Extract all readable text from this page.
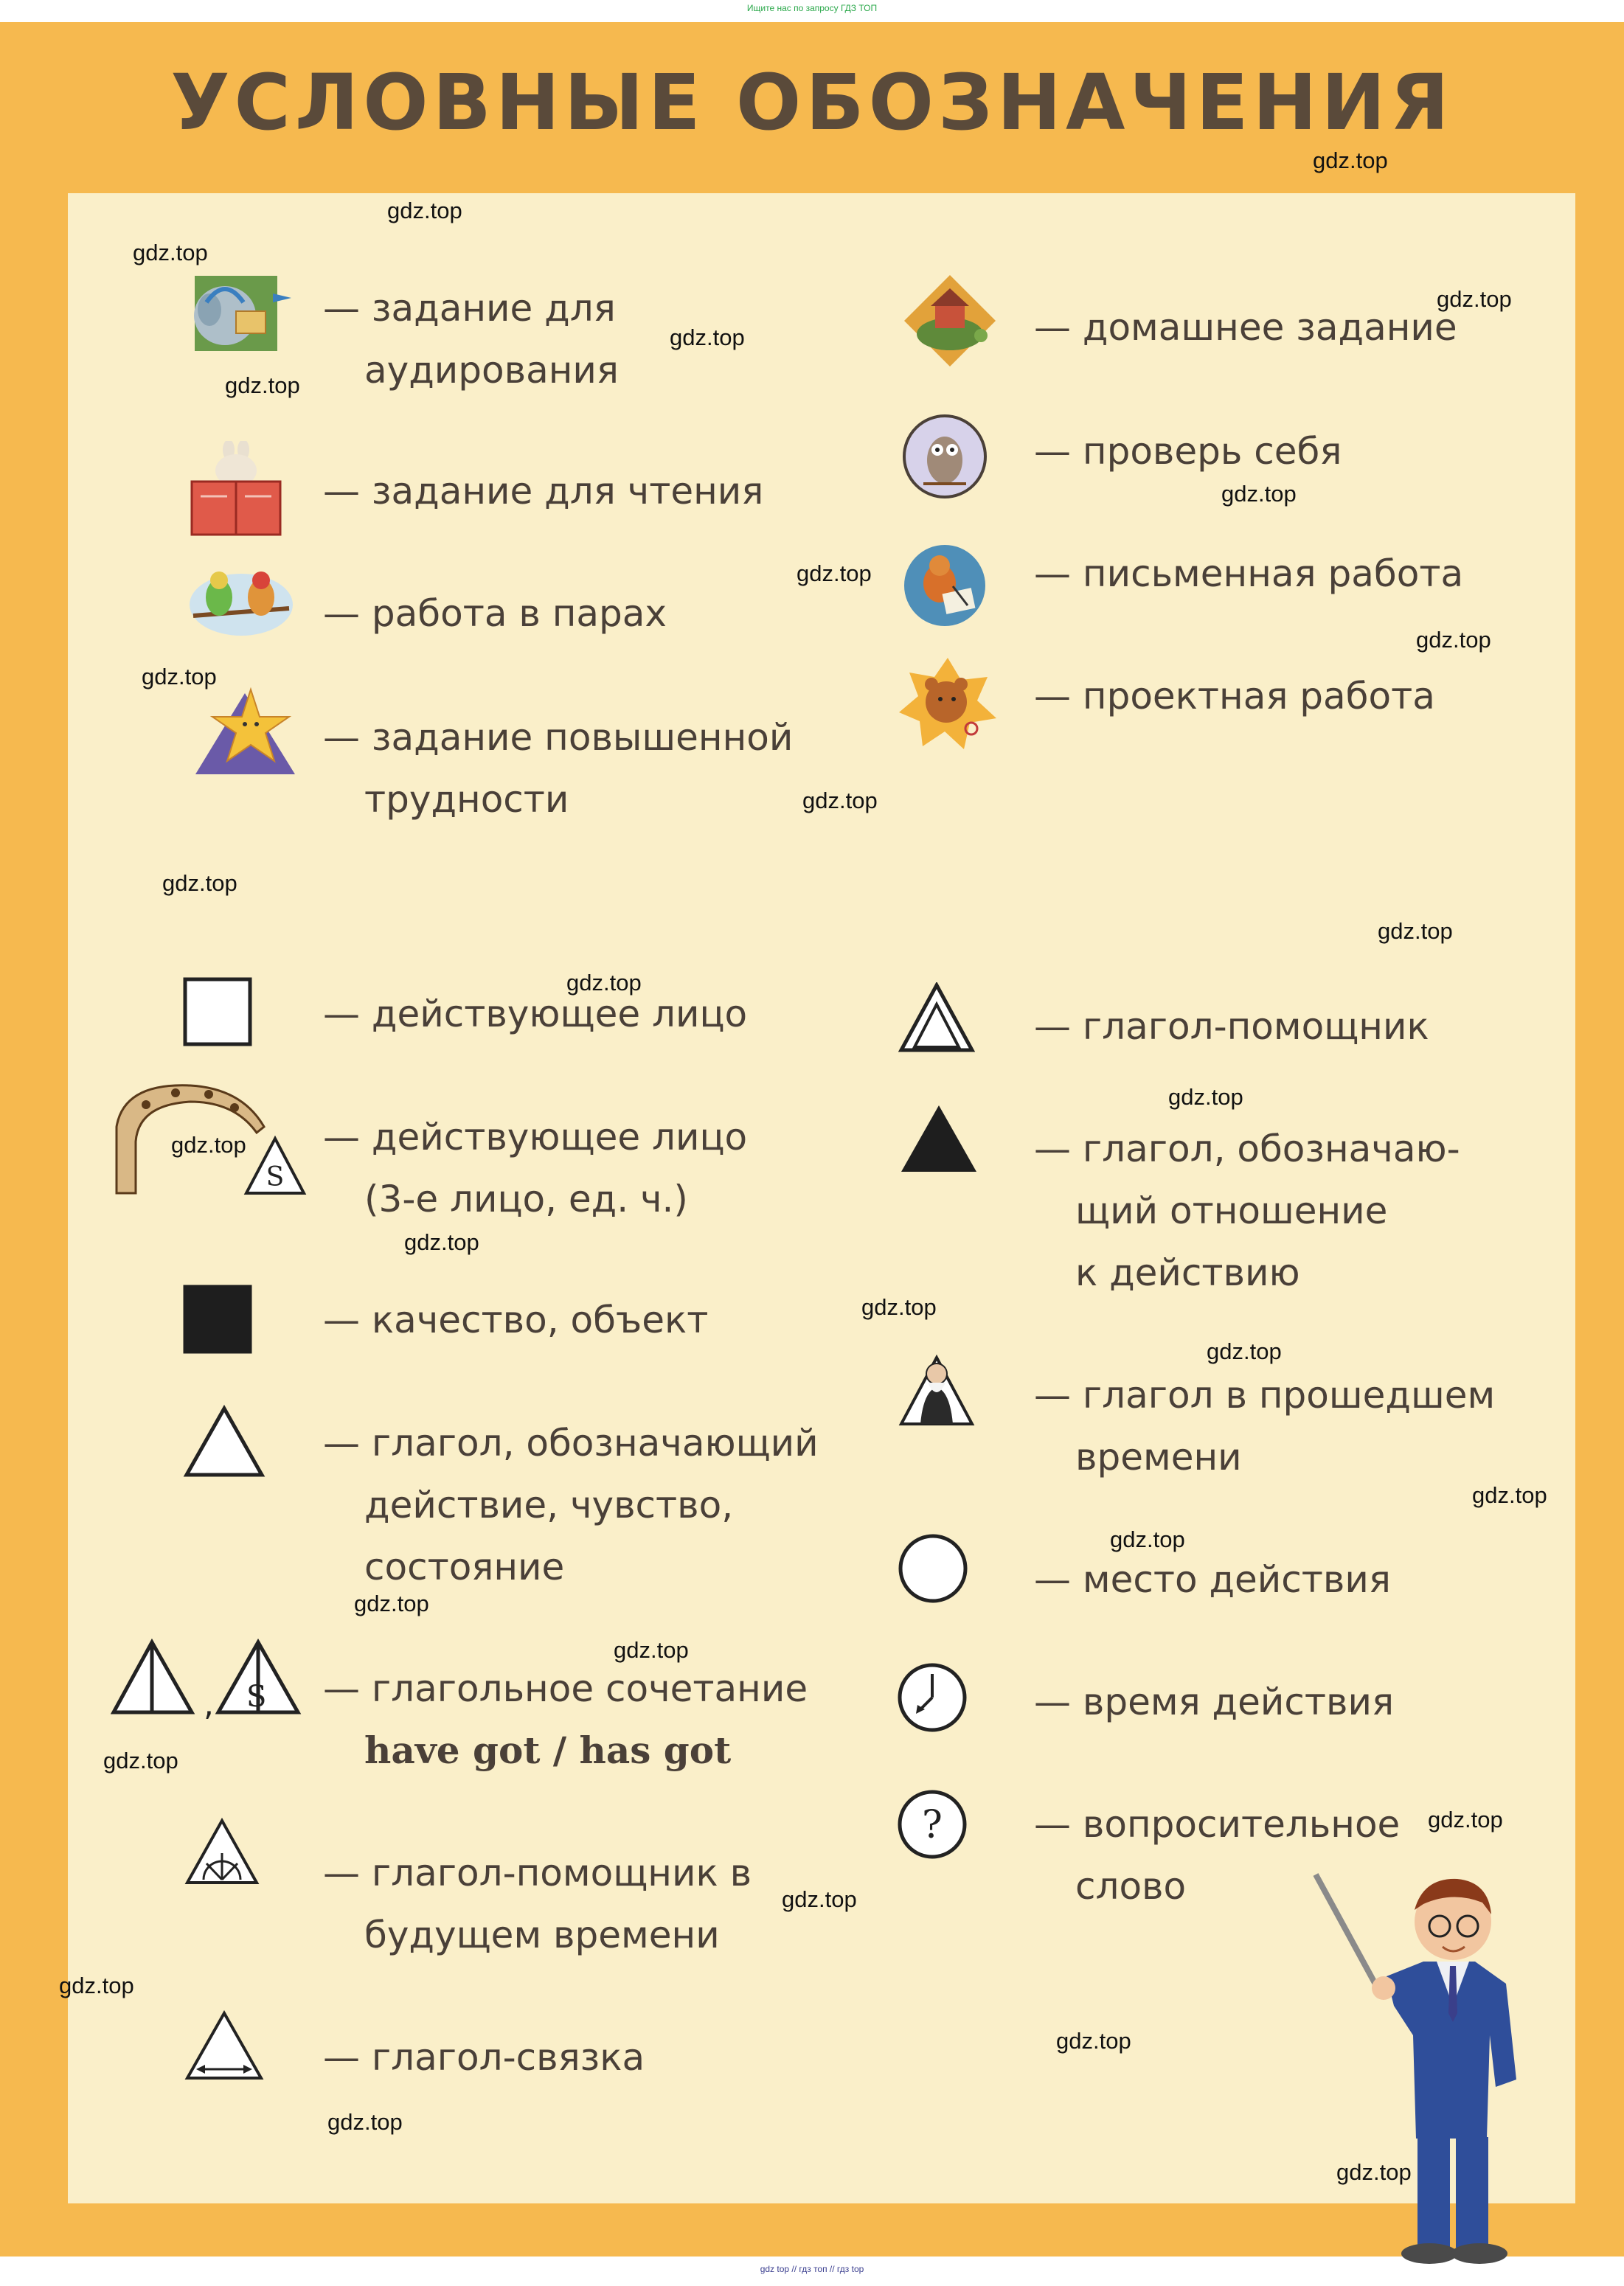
Ищите нас по запросу ГДЗ ТОП
УСЛОВНЫЕ ОБОЗНАЧЕНИЯ
— задание для
аудирования
— задание для чтения
— работа в парах
— задание повышенной
трудности
— домашнее задание
— проверь себя
— письменная работа
— проектная работа
— действующее лицо
S
— действующее лицо
(3-е лицо, ед. ч.)
— качество, объект
— глагол, обозначающий
действие, чувство,
состояние
, S — глагольное сочетание
have got / has got
— глагол-помощник в
будущем времени
— глагол-связка
— глагол-помощник
— глагол, обозначаю-
щий отношение
к действию
— глагол в прошедшем
времени
— место действия
— время действия
? — вопросительное
слово
gdz.top
gdz.top
gdz.top
gdz.top
gdz.top
gdz.top
gdz.top
gdz.top
gdz.top
gdz.top
gdz.top
gdz.top
gdz.top
gdz.top
gdz.top
gdz.top
gdz.top
gdz.top
gdz.top
gdz.top
gdz.top
gdz.top
gdz.top
gdz.top
gdz.top
gdz.top
gdz.top
gdz.top
gdz.top
gdz.top
gdz top // гдз топ // гдз top
